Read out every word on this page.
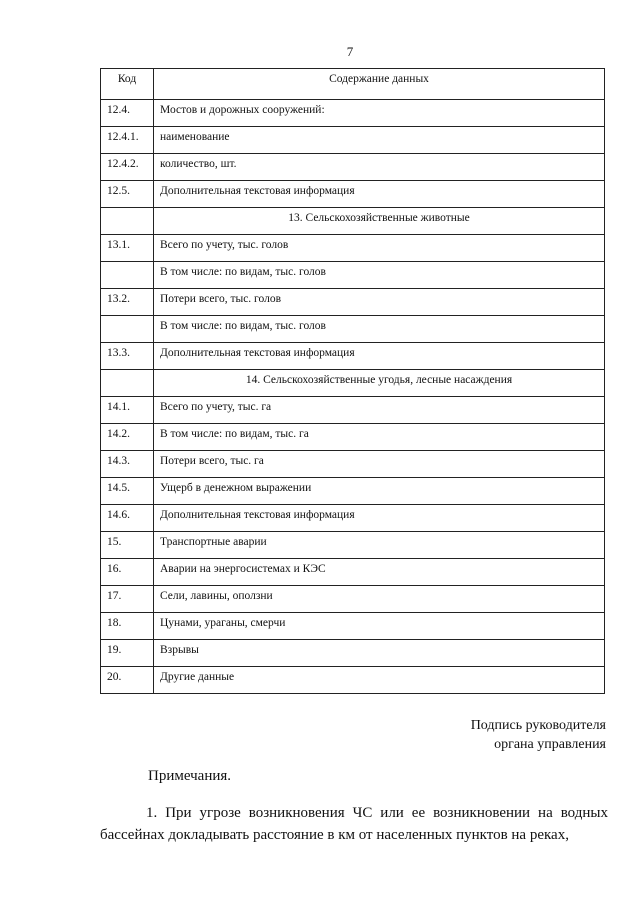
7
Код	Содержание данных
12.4.	Мостов и дорожных сооружений:
12.4.1.	наименование
12.4.2.	количество, шт.
12.5.	Дополнительная текстовая информация
	13. Сельскохозяйственные животные
13.1.	Всего по учету, тыс. голов
	В том числе: по видам, тыс. голов
13.2.	Потери всего, тыс. голов
	В том числе: по видам, тыс. голов
13.3.	Дополнительная текстовая информация
	14. Сельскохозяйственные угодья, лесные насаждения
14.1.	Всего по учету, тыс. га
14.2.	В том числе: по видам, тыс. га
14.3.	Потери всего, тыс. га
14.5.	Ущерб в денежном выражении
14.6.	Дополнительная текстовая информация
15.	Транспортные аварии
16.	Аварии на энергосистемах и КЭС
17.	Сели, лавины, оползни
18.	Цунами, ураганы, смерчи
19.	Взрывы
20.	Другие данные
Подпись руководителя
органа управления
Примечания.
1. При угрозе возникновения ЧС или ее возникновении на водных бассейнах докладывать расстояние в км от населенных пунктов на реках,
